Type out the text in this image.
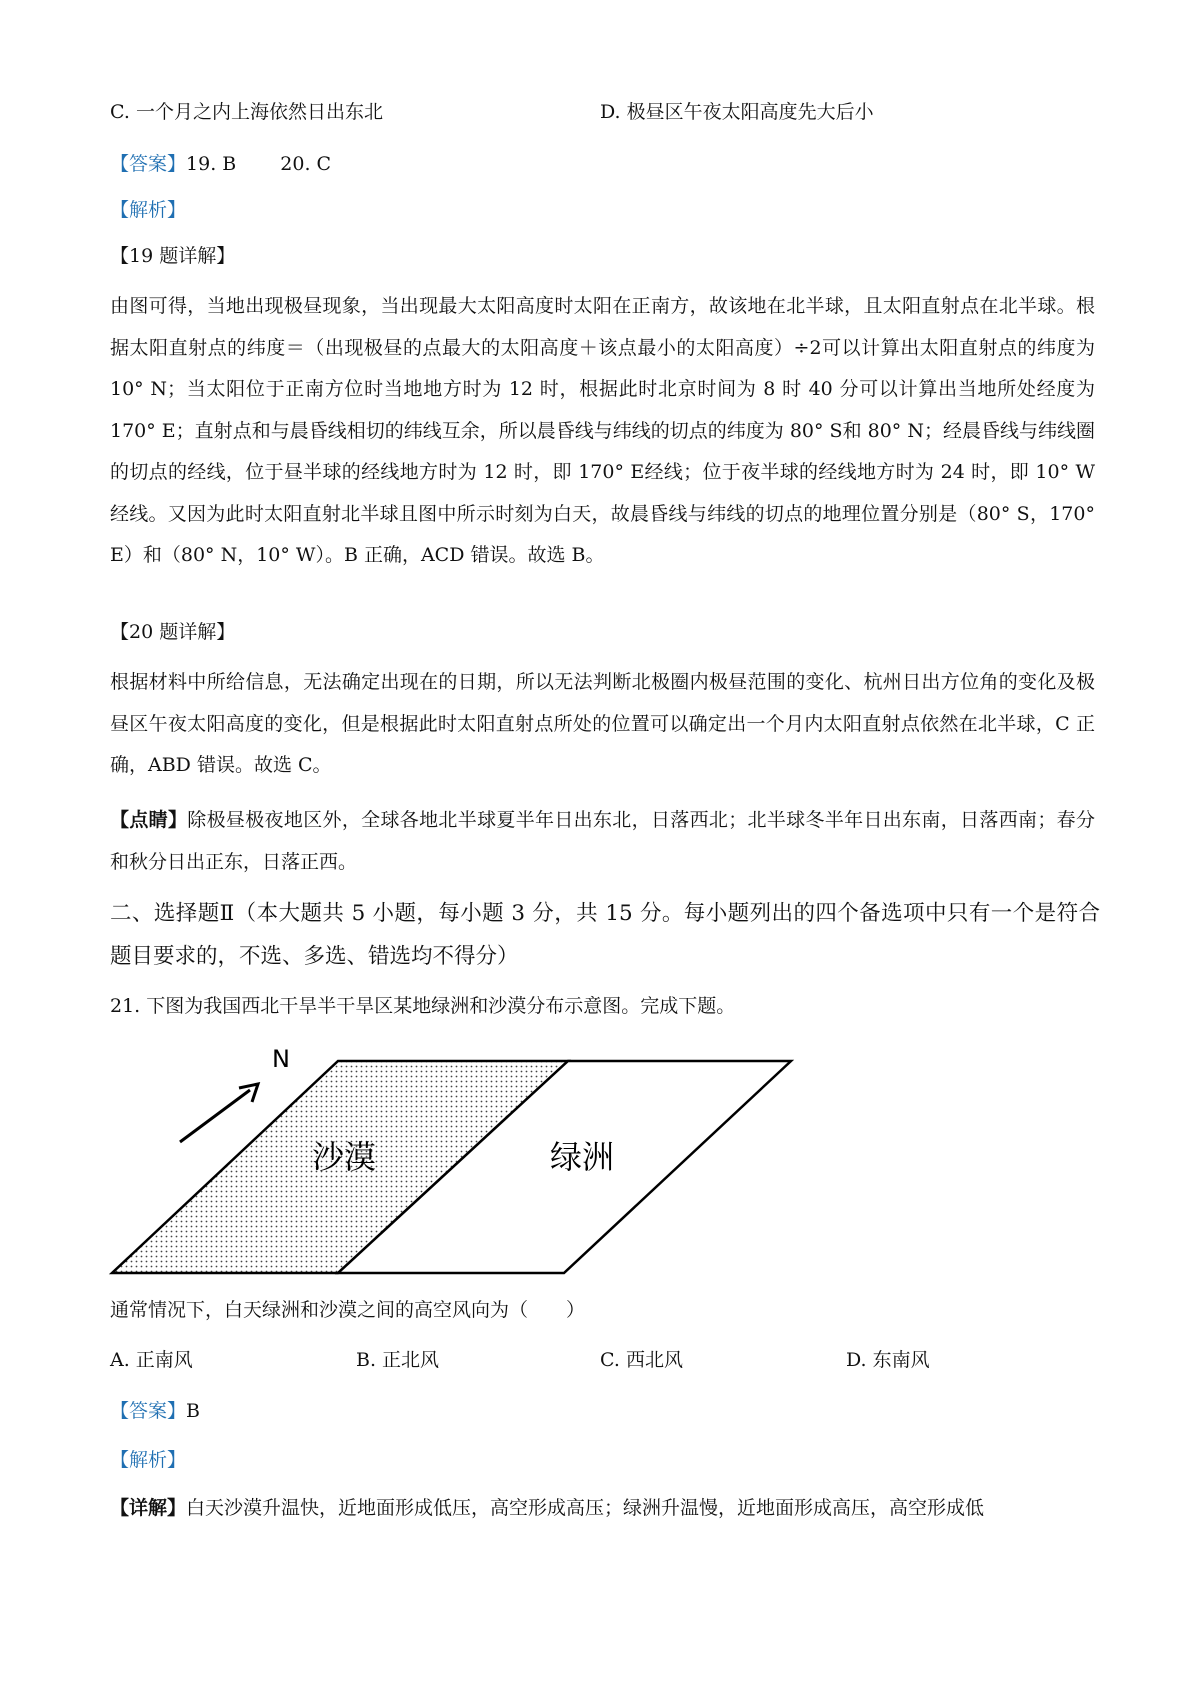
C. 一个月之内上海依然日出东北	D. 极昼区午夜太阳高度先大后小
【答案】19. B　　 20. C
【解析】
【19 题详解】
由图可得，当地出现极昼现象，当出现最大太阳高度时太阳在正南方，故该地在北半球，且太阳直射点在北半球。根据太阳直射点的纬度＝（出现极昼的点最大的太阳高度＋该点最小的太阳高度）÷2可以计算出太阳直射点的纬度为 10° N；当太阳位于正南方位时当地地方时为 12 时，根据此时北京时间为 8 时 40 分可以计算出当地所处经度为 170° E；直射点和与晨昏线相切的纬线互余，所以晨昏线与纬线的切点的纬度为 80° S和 80° N；经晨昏线与纬线圈的切点的经线，位于昼半球的经线地方时为 12 时，即 170° E经线；位于夜半球的经线地方时为 24 时，即 10° W经线。又因为此时太阳直射北半球且图中所示时刻为白天，故晨昏线与纬线的切点的地理位置分别是（80° S，170° E）和（80° N，10° W）。B 正确，ACD 错误。故选 B。
【20 题详解】
根据材料中所给信息，无法确定出现在的日期，所以无法判断北极圈内极昼范围的变化、杭州日出方位角的变化及极昼区午夜太阳高度的变化，但是根据此时太阳直射点所处的位置可以确定出一个月内太阳直射点依然在北半球，C 正确，ABD 错误。故选 C。
【点睛】除极昼极夜地区外，全球各地北半球夏半年日出东北，日落西北；北半球冬半年日出东南，日落西南；春分和秋分日出正东，日落正西。
二、选择题Ⅱ（本大题共 5 小题，每小题 3 分，共 15 分。每小题列出的四个备选项中只有一个是符合题目要求的，不选、多选、错选均不得分）
21. 下图为我国西北干旱半干旱区某地绿洲和沙漠分布示意图。完成下题。
N
沙漠	绿洲
通常情况下，白天绿洲和沙漠之间的高空风向为（　　）
A. 正南风	B. 正北风	C. 西北风	D. 东南风
【答案】B
【解析】
【详解】白天沙漠升温快，近地面形成低压，高空形成高压；绿洲升温慢，近地面形成高压，高空形成低
